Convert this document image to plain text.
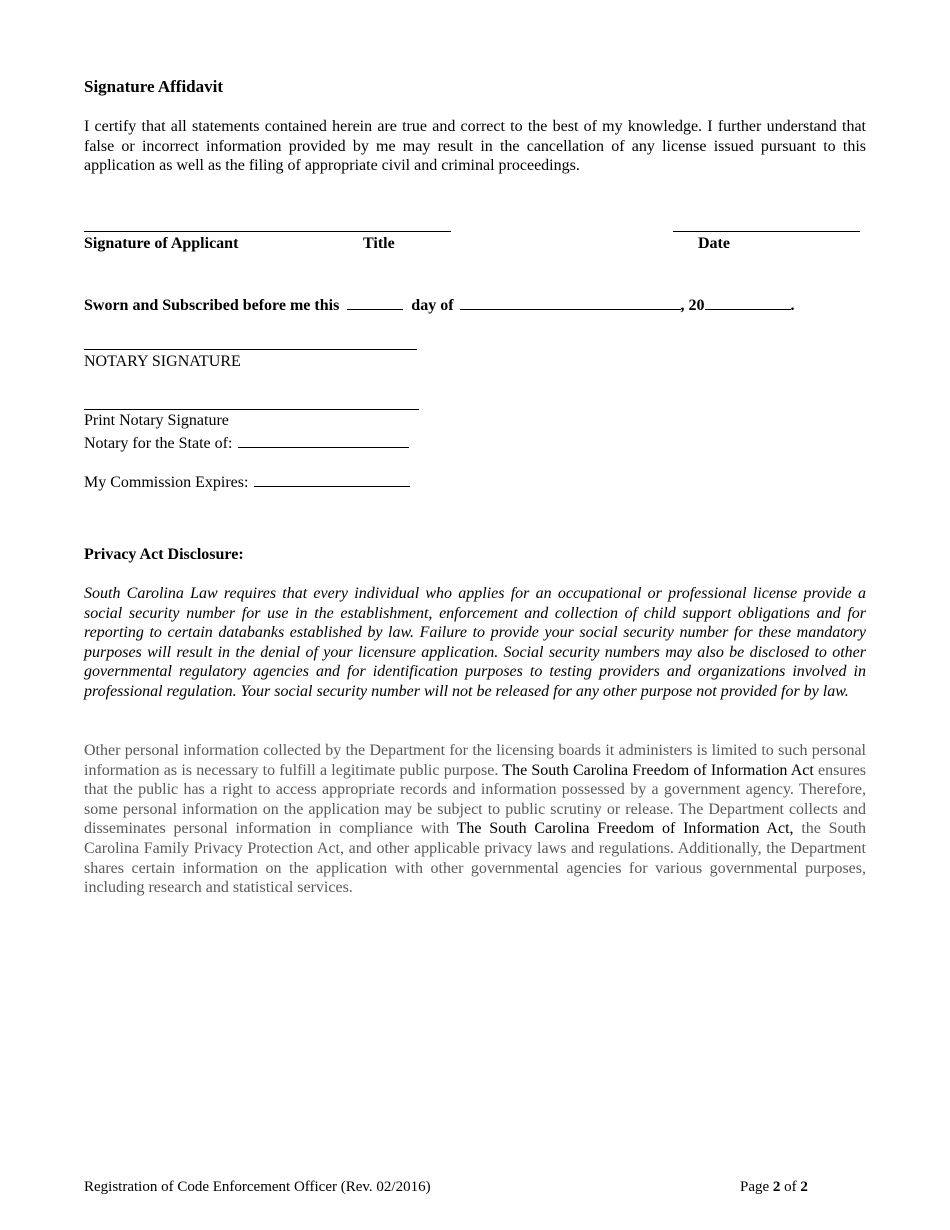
Signature Affidavit
I certify that all statements contained herein are true and correct to the best of my knowledge. I further understand that false or incorrect information provided by me may result in the cancellation of any license issued pursuant to this application as well as the filing of appropriate civil and criminal proceedings.
Signature of Applicant	Title	Date
Sworn and Subscribed before me this	day of	, 20	.
NOTARY SIGNATURE
Print Notary Signature
Notary for the State of:
My Commission Expires:
Privacy Act Disclosure:
South Carolina Law requires that every individual who applies for an occupational or professional license provide a social security number for use in the establishment, enforcement and collection of child support obligations and for reporting to certain databanks established by law. Failure to provide your social security number for these mandatory purposes will result in the denial of your licensure application. Social security numbers may also be disclosed to other governmental regulatory agencies and for identification purposes to testing providers and organizations involved in professional regulation. Your social security number will not be released for any other purpose not provided for by law.
Other personal information collected by the Department for the licensing boards it administers is limited to such personal information as is necessary to fulfill a legitimate public purpose. The South Carolina Freedom of Information Act ensures that the public has a right to access appropriate records and information possessed by a government agency. Therefore, some personal information on the application may be subject to public scrutiny or release. The Department collects and disseminates personal information in compliance with The South Carolina Freedom of Information Act, the South Carolina Family Privacy Protection Act, and other applicable privacy laws and regulations. Additionally, the Department shares certain information on the application with other governmental agencies for various governmental purposes, including research and statistical services.
Registration of Code Enforcement Officer (Rev. 02/2016)	Page 2 of 2
